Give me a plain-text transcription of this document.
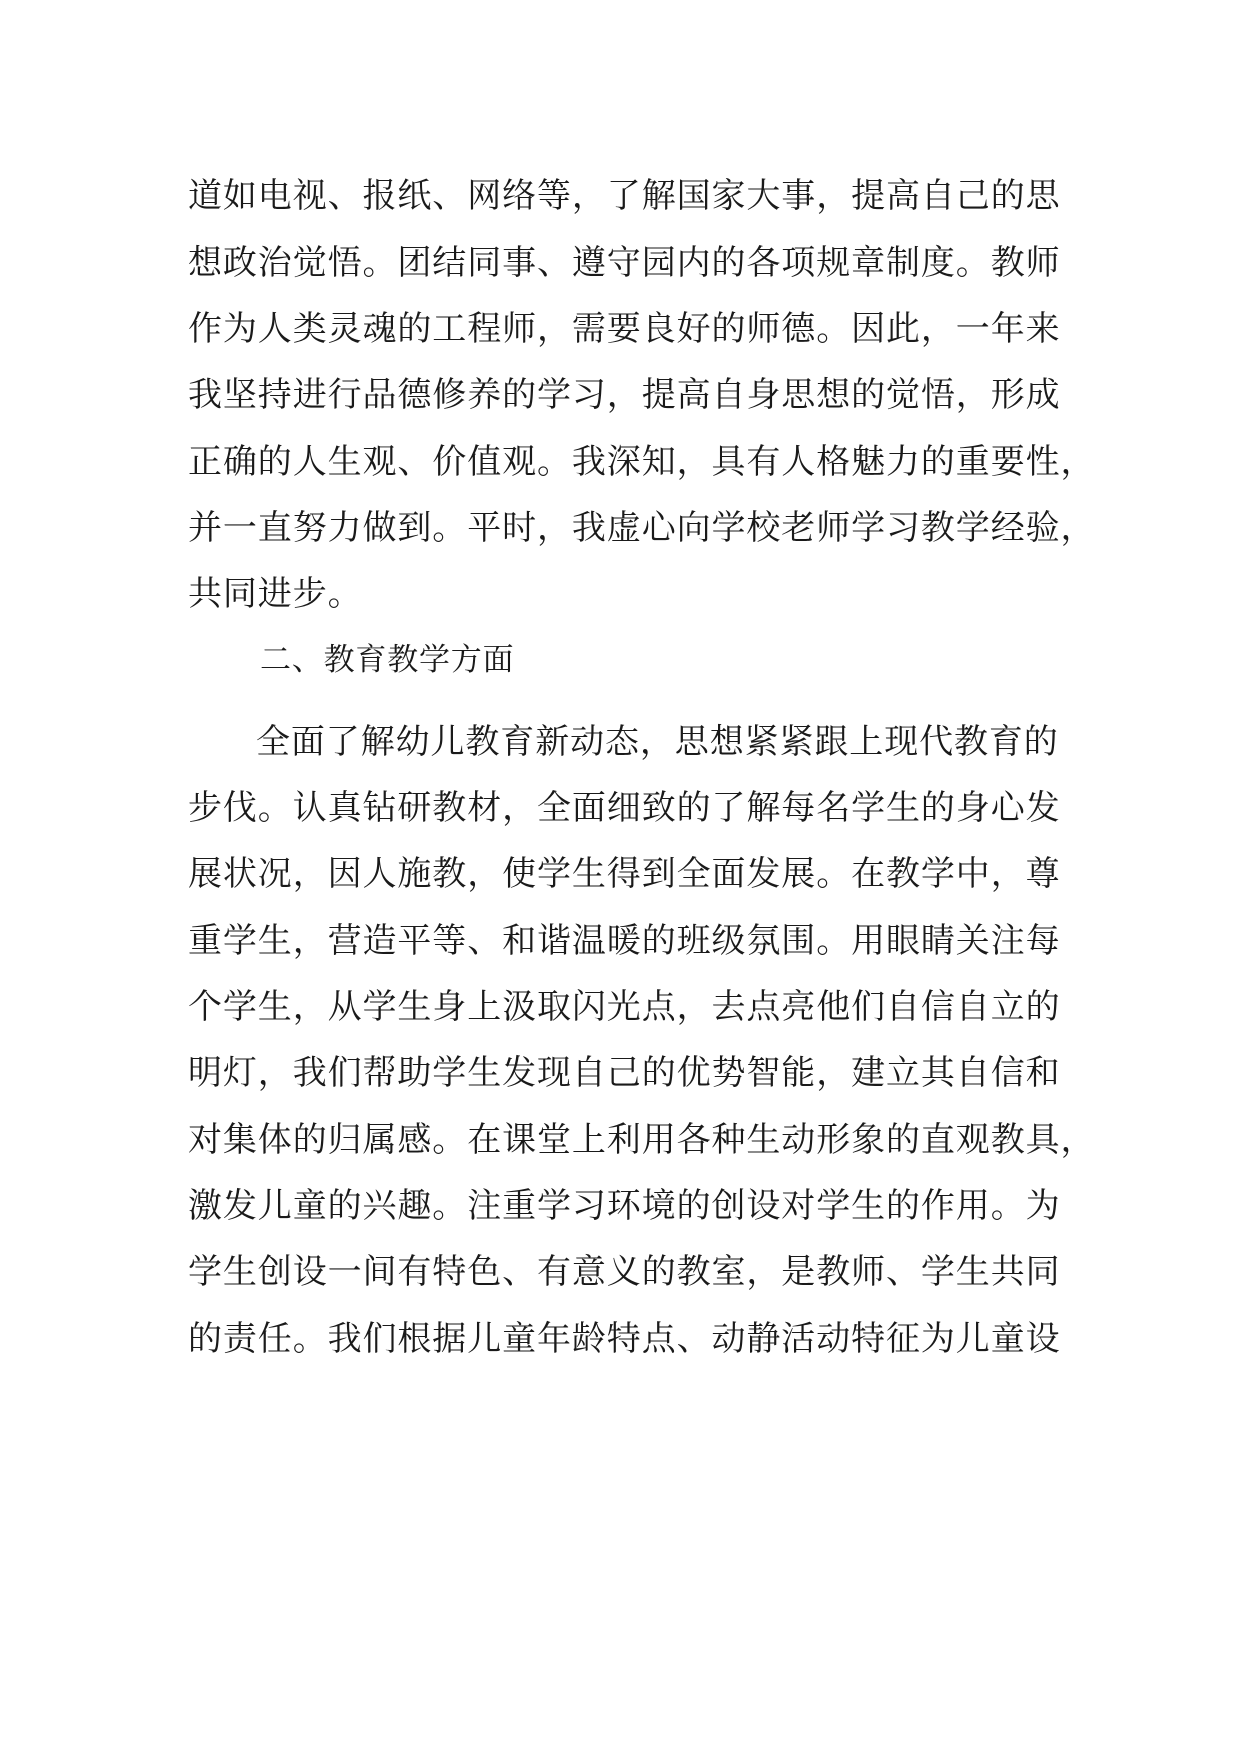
道如电视、报纸、网络等，了解国家大事，提高自己的思
想政治觉悟。团结同事、遵守园内的各项规章制度。教师
作为人类灵魂的工程师，需要良好的师德。因此，一年来
我坚持进行品德修养的学习，提高自身思想的觉悟，形成
正确的人生观、价值观。我深知，具有人格魅力的重要性，
并一直努力做到。平时，我虚心向学校老师学习教学经验，
共同进步。
二、教育教学方面
全面了解幼儿教育新动态，思想紧紧跟上现代教育的
步伐。认真钻研教材，全面细致的了解每名学生的身心发
展状况，因人施教，使学生得到全面发展。在教学中，尊
重学生，营造平等、和谐温暖的班级氛围。用眼睛关注每
个学生，从学生身上汲取闪光点，去点亮他们自信自立的
明灯，我们帮助学生发现自己的优势智能，建立其自信和
对集体的归属感。在课堂上利用各种生动形象的直观教具，
激发儿童的兴趣。注重学习环境的创设对学生的作用。为
学生创设一间有特色、有意义的教室，是教师、学生共同
的责任。我们根据儿童年龄特点、动静活动特征为儿童设
